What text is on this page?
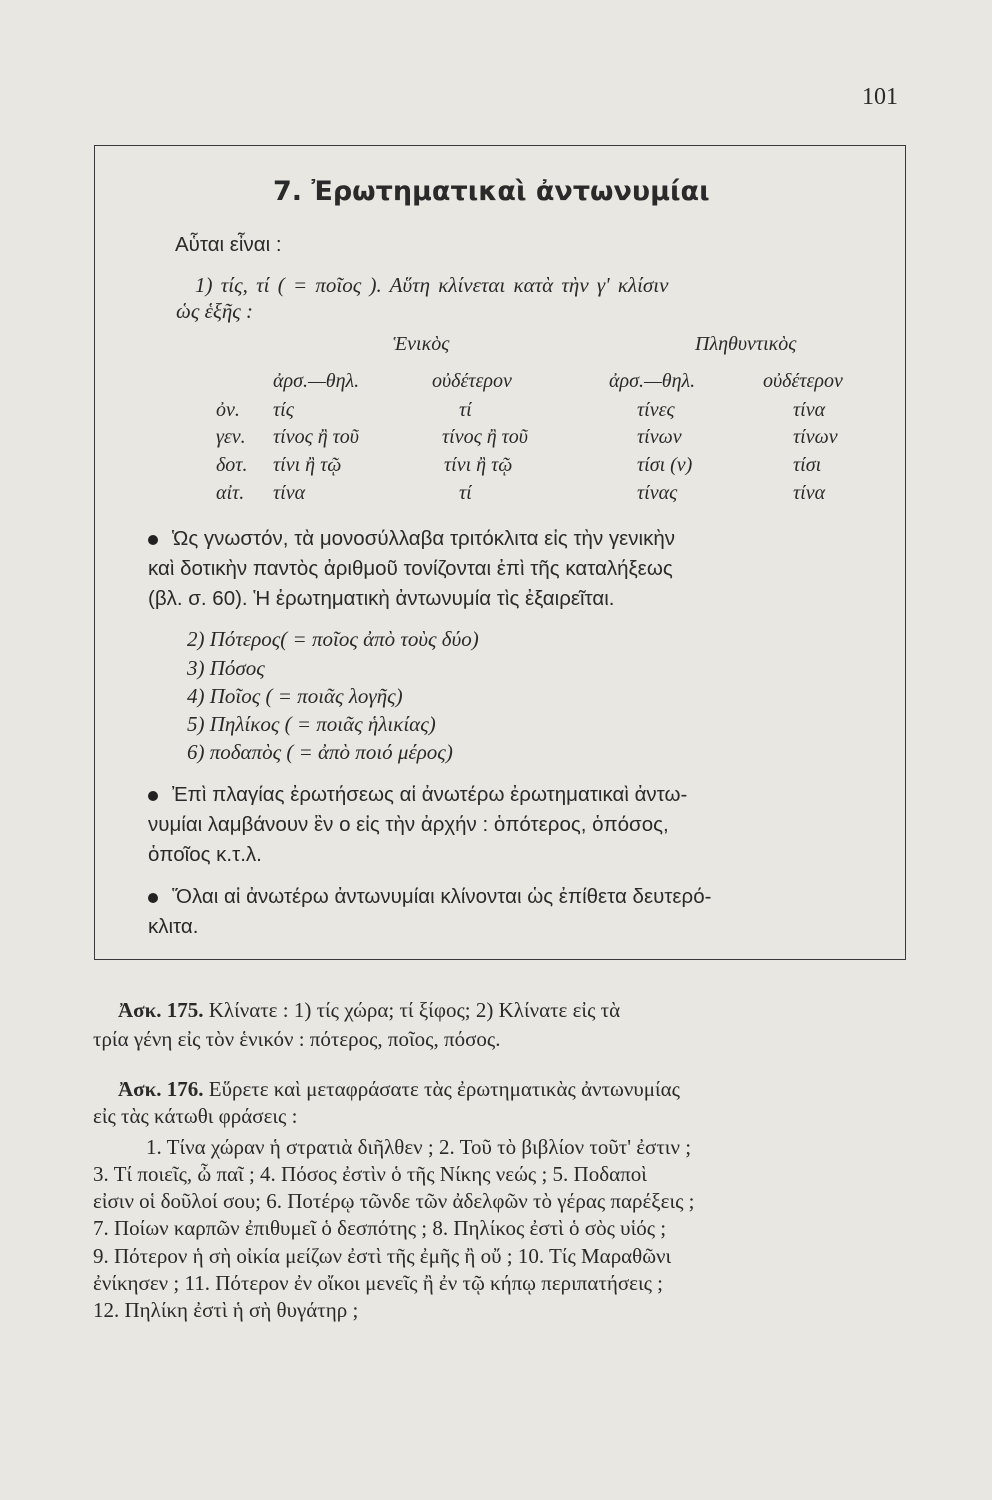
101
7. Ἐρωτηματικαὶ ἀντωνυμίαι
Αὗται εἶναι :
1) τίς, τί ( = ποῖος ). Αὕτη κλίνεται κατὰ τὴν γ' κλίσιν
ὡς ἑξῆς :
Ἑνικὸς	Πληθυντικὸς
ἀρσ.—θηλ.	οὐδέτερον	ἀρσ.—θηλ.	οὐδέτερον
ὀν. τίς	τί	τίνες	τίνα
γεν. τίνος ἢ τοῦ	τίνος ἢ τοῦ	τίνων	τίνων
δοτ. τίνι ἢ τῷ	τίνι ἢ τῷ	τίσι (ν)	τίσι
αἰτ. τίνα	τί	τίνας	τίνα
Ὡς γνωστόν, τὰ μονοσύλλαβα τριτόκλιτα εἰς τὴν γενικὴν
καὶ δοτικὴν παντὸς ἀριθμοῦ τονίζονται ἐπὶ τῆς καταλήξεως
(βλ. σ. 60). Ἡ ἐρωτηματικὴ ἀντωνυμία τὶς ἐξαιρεῖται.
2) Πότερος( = ποῖος ἀπὸ τοὺς δύο)
3) Πόσος
4) Ποῖος ( = ποιᾶς λογῆς)
5) Πηλίκος ( = ποιᾶς ἡλικίας)
6) ποδαπὸς ( = ἀπὸ ποιό μέρος)
Ἐπὶ πλαγίας ἐρωτήσεως αἱ ἀνωτέρω ἐρωτηματικαὶ ἀντω-
νυμίαι λαμβάνουν ἓν ο εἰς τὴν ἀρχήν : ὁπότερος, ὁπόσος,
ὁποῖος κ.τ.λ.
Ὅλαι αἱ ἀνωτέρω ἀντωνυμίαι κλίνονται ὡς ἐπίθετα δευτερό-
κλιτα.
Ἀσκ. 175. Κλίνατε : 1) τίς χώρα; τί ξίφος; 2) Κλίνατε εἰς τὰ
τρία γένη εἰς τὸν ἑνικόν : πότερος, ποῖος, πόσος.
Ἀσκ. 176. Εὕρετε καὶ μεταφράσατε τὰς ἐρωτηματικὰς ἀντωνυμίας
εἰς τὰς κάτωθι φράσεις :
1. Τίνα χώραν ἡ στρατιὰ διῆλθεν ; 2. Τοῦ τὸ βιβλίον τοῦτ' ἐστιν ;
3. Τί ποιεῖς, ὦ παῖ ; 4. Πόσος ἐστὶν ὁ τῆς Νίκης νεώς ; 5. Ποδαποὶ
εἰσιν οἱ δοῦλοί σου; 6. Ποτέρῳ τῶνδε τῶν ἀδελφῶν τὸ γέρας παρέξεις ;
7. Ποίων καρπῶν ἐπιθυμεῖ ὁ δεσπότης ; 8. Πηλίκος ἐστὶ ὁ σὸς υἱός ;
9. Πότερον ἡ σὴ οἰκία μείζων ἐστὶ τῆς ἐμῆς ἢ οὔ ; 10. Τίς Μαραθῶνι
ἐνίκησεν ; 11. Πότερον ἐν οἴκοι μενεῖς ἢ ἐν τῷ κήπῳ περιπατήσεις ;
12. Πηλίκη ἐστὶ ἡ σὴ θυγάτηρ ;
